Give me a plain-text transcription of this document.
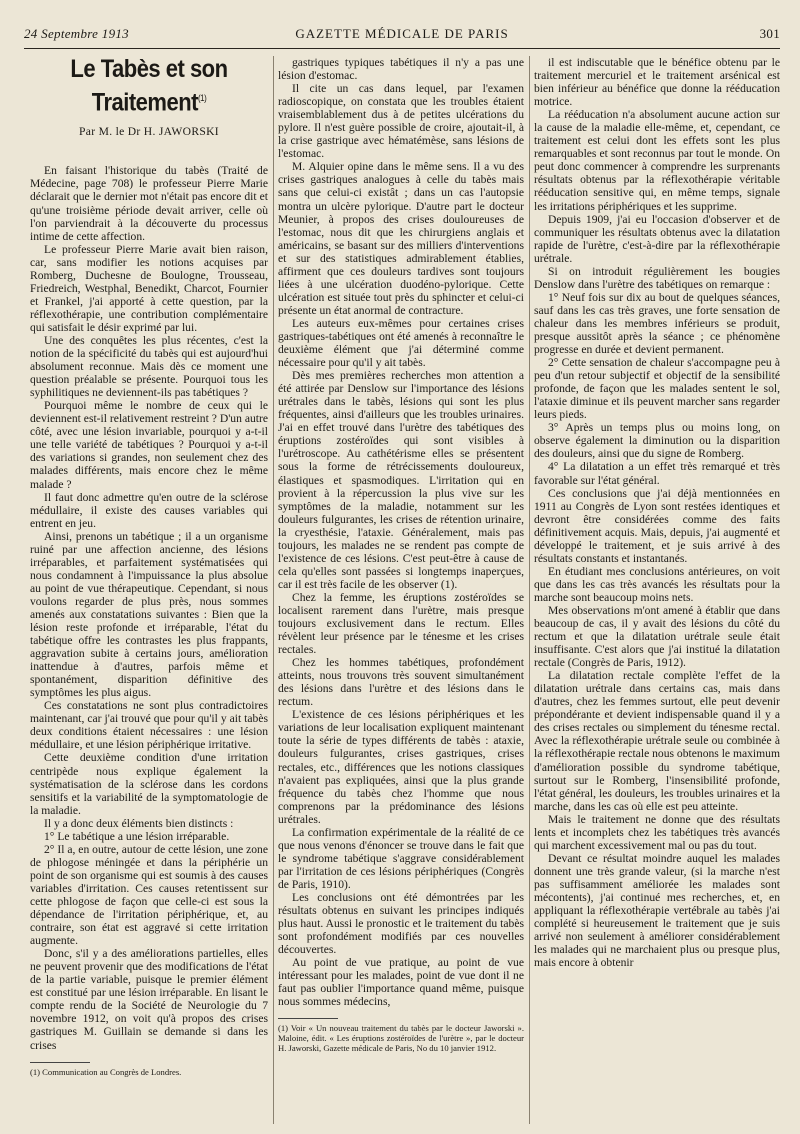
24 Septembre 1913	GAZETTE MÉDICALE DE PARIS	301
Le Tabès et son Traitement$^{(1)}$
Par M. le Dr H. JAWORSKI

En faisant l'historique du tabès (Traité de Médecine, page 708) le professeur Pierre Marie déclarait que le dernier mot n'était pas encore dit et qu'une troisième période devait arriver, celle où l'on parviendrait à la découverte du processus intime de cette affection.

Le professeur Pierre Marie avait bien raison, car, sans modifier les notions acquises par Romberg, Duchesne de Boulogne, Trousseau, Friedreich, Westphal, Benedikt, Charcot, Fournier et Frankel, j'ai apporté à cette question, par la réflexothérapie, une contribution complémentaire qui satisfait le désir exprimé par lui.

Une des conquêtes les plus récentes, c'est la notion de la spécificité du tabès qui est aujourd'hui absolument reconnue. Mais dès ce moment une question préalable se présente. Pourquoi tous les syphilitiques ne deviennent-ils pas tabétiques ?

Pourquoi même le nombre de ceux qui le deviennent est-il relativement restreint ? D'un autre côté, avec une lésion invariable, pourquoi y a-t-il une telle variété de tabétiques ? Pourquoi y a-t-il des variations si grandes, non seulement chez des malades différents, mais encore chez le même malade ?

Il faut donc admettre qu'en outre de la sclérose médullaire, il existe des causes variables qui entrent en jeu.

Ainsi, prenons un tabétique ; il a un organisme ruiné par une affection ancienne, des lésions irréparables, et parfaitement systématisées qui nous condamnent à l'impuissance la plus absolue au point de vue thérapeutique. Cependant, si nous voulons regarder de plus près, nous sommes amenés aux constatations suivantes : Bien que la lésion reste profonde et irréparable, l'état du tabétique offre les contrastes les plus frappants, aggravation subite à certains jours, amélioration inattendue à d'autres, parfois même et spontanément, disparition définitive des symptômes les plus aigus.

Ces constatations ne sont plus contradictoires maintenant, car j'ai trouvé que pour qu'il y ait tabès deux conditions étaient nécessaires : une lésion médullaire, et une lésion périphérique irritative.

Cette deuxième condition d'une irritation centripède nous explique également la systématisation de la sclérose dans les cordons sensitifs et la variabilité de la symptomatologie de la maladie.

Il y a donc deux éléments bien distincts :

1° Le tabétique a une lésion irréparable.

2° Il a, en outre, autour de cette lésion, une zone de phlogose méningée et dans la périphérie un point de son organisme qui est soumis à des causes variables d'irritation. Ces causes retentissent sur cette phlogose de façon que celle-ci est sous la dépendance de l'irritation périphérique, et, au contraire, son état est aggravé si cette irritation augmente.

Donc, s'il y a des améliorations partielles, elles ne peuvent provenir que des modifications de l'état de la partie variable, puisque le premier élément est constitué par une lésion irréparable. En lisant le compte rendu de la Société de Neurologie du 7 novembre 1912, on voit qu'à propos des crises gastriques M. Guillain se demande si dans les crises

(1) Communication au Congrès de Londres.

gastriques typiques tabétiques il n'y a pas une lésion d'estomac.

Il cite un cas dans lequel, par l'examen radioscopique, on constata que les troubles étaient vraisemblablement dus à de petites ulcérations du pylore. Il n'est guère possible de croire, ajoutait-il, à la crise gastrique avec hématémèse, sans lésions de l'estomac.

M. Alquier opine dans le même sens. Il a vu des crises gastriques analogues à celle du tabès mais sans que celui-ci existât ; dans un cas l'autopsie montra un ulcère pylorique. D'autre part le docteur Meunier, à propos des crises douloureuses de l'estomac, nous dit que les chirurgiens anglais et américains, se basant sur des milliers d'interventions et sur des statistiques admirablement établies, affirment que ces douleurs tardives sont toujours liées à une ulcération duodéno-pylorique. Cette ulcération est située tout près du sphincter et celui-ci présente un état anormal de contracture.

Les auteurs eux-mêmes pour certaines crises gastriques-tabétiques ont été amenés à reconnaître le deuxième élément que j'ai déterminé comme nécessaire pour qu'il y ait tabès.

Dès mes premières recherches mon attention a été attirée par Denslow sur l'importance des lésions urétrales dans le tabès, lésions qui sont les plus fréquentes, ainsi d'ailleurs que les troubles urinaires. J'ai en effet trouvé dans l'urètre des tabétiques des éruptions zostéroïdes qui sont visibles à l'urétroscope. Au cathétérisme elles se présentent sous la forme de rétrécissements douloureux, élastiques et spasmodiques. L'irritation qui en provient à la répercussion la plus vive sur les symptômes de la maladie, notamment sur les douleurs fulgurantes, les crises de rétention urinaire, la cryesthésie, l'ataxie. Généralement, mais pas toujours, les malades ne se rendent pas compte de l'existence de ces lésions. C'est peut-être à cause de cela qu'elles sont passées si longtemps inaperçues, car il est très facile de les observer (1).

Chez la femme, les éruptions zostéroïdes se localisent rarement dans l'urètre, mais presque toujours exclusivement dans le rectum. Elles révèlent leur présence par le ténesme et les crises rectales.

Chez les hommes tabétiques, profondément atteints, nous trouvons très souvent simultanément des lésions dans l'urètre et des lésions dans le rectum.

L'existence de ces lésions périphériques et les variations de leur localisation expliquent maintenant toute la série de types différents de tabès : ataxie, douleurs fulgurantes, crises gastriques, crises rectales, etc., différences que les notions classiques n'avaient pas expliquées, ainsi que la plus grande fréquence du tabès chez l'homme que nous comprenons par la prédominance des lésions urétrales.

La confirmation expérimentale de la réalité de ce que nous venons d'énoncer se trouve dans le fait que le syndrome tabétique s'aggrave considérablement par l'irritation de ces lésions périphériques (Congrès de Paris, 1910).

Les conclusions ont été démontrées par les résultats obtenus en suivant les principes indiqués plus haut. Aussi le pronostic et le traitement du tabès sont profondément modifiés par ces nouvelles découvertes.

Au point de vue pratique, au point de vue intéressant pour les malades, point de vue dont il ne faut pas oublier l'importance quand même, puisque nous sommes médecins,

(1) Voir « Un nouveau traitement du tabès par le docteur Jaworski ». Maloine, édit. « Les éruptions zostéroïdes de l'urètre », par le docteur H. Jaworski, Gazette médicale de Paris, No du 10 janvier 1912.

il est indiscutable que le bénéfice obtenu par le traitement mercuriel et le traitement arsénical est bien inférieur au bénéfice que donne la rééducation motrice.

La rééducation n'a absolument aucune action sur la cause de la maladie elle-même, et, cependant, ce traitement est celui dont les effets sont les plus remarquables et sont reconnus par tout le monde. On peut donc commencer à comprendre les surprenants résultats obtenus par la réflexothérapie véritable rééducation sensitive qui, en même temps, signale les irritations périphériques et les supprime.

Depuis 1909, j'ai eu l'occasion d'observer et de communiquer les résultats obtenus avec la dilatation rapide de l'urètre, c'est-à-dire par la réflexothérapie urétrale.

Si on introduit régulièrement les bougies Denslow dans l'urètre des tabétiques on remarque :

1° Neuf fois sur dix au bout de quelques séances, sauf dans les cas très graves, une forte sensation de chaleur dans les membres inférieurs se produit, presque aussitôt après la séance ; ce phénomène progresse en durée et devient permanent.

2° Cette sensation de chaleur s'accompagne peu à peu d'un retour subjectif et objectif de la sensibilité profonde, de façon que les malades sentent le sol, l'ataxie diminue et ils peuvent marcher sans regarder leurs pieds.

3° Après un temps plus ou moins long, on observe également la diminution ou la disparition des douleurs, ainsi que du signe de Romberg.

4° La dilatation a un effet très remarqué et très favorable sur l'état général.

Ces conclusions que j'ai déjà mentionnées en 1911 au Congrès de Lyon sont restées identiques et devront être considérées comme des faits définitivement acquis. Mais, depuis, j'ai augmenté et développé le traitement, et je suis arrivé à des résultats constants et instantanés.

En étudiant mes conclusions antérieures, on voit que dans les cas très avancés les résultats pour la marche sont beaucoup moins nets.

Mes observations m'ont amené à établir que dans beaucoup de cas, il y avait des lésions du côté du rectum et que la dilatation urétrale seule était insuffisante. C'est alors que j'ai institué la dilatation rectale (Congrès de Paris, 1912).

La dilatation rectale complète l'effet de la dilatation urétrale dans certains cas, mais dans d'autres, chez les femmes surtout, elle peut devenir prépondérante et devient indispensable quand il y a des crises rectales ou simplement du ténesme rectal. Avec la réflexothérapie urétrale seule ou combinée à la réflexothérapie rectale nous obtenons le maximum d'amélioration possible du syndrome tabétique, surtout sur le Romberg, l'insensibilité profonde, l'état général, les douleurs, les troubles urinaires et la marche, dans les cas où elle est peu atteinte.

Mais le traitement ne donne que des résultats lents et incomplets chez les tabétiques très avancés qui marchent excessivement mal ou pas du tout.

Devant ce résultat moindre auquel les malades donnent une très grande valeur, (si la marche n'est pas suffisamment améliorée les malades sont mécontents), j'ai continué mes recherches, et, en appliquant la réflexothérapie vertébrale au tabès j'ai complété si heureusement le traitement que je suis arrivé non seulement à améliorer considérablement les malades qui ne marchaient plus ou presque plus, mais encore à obtenir
